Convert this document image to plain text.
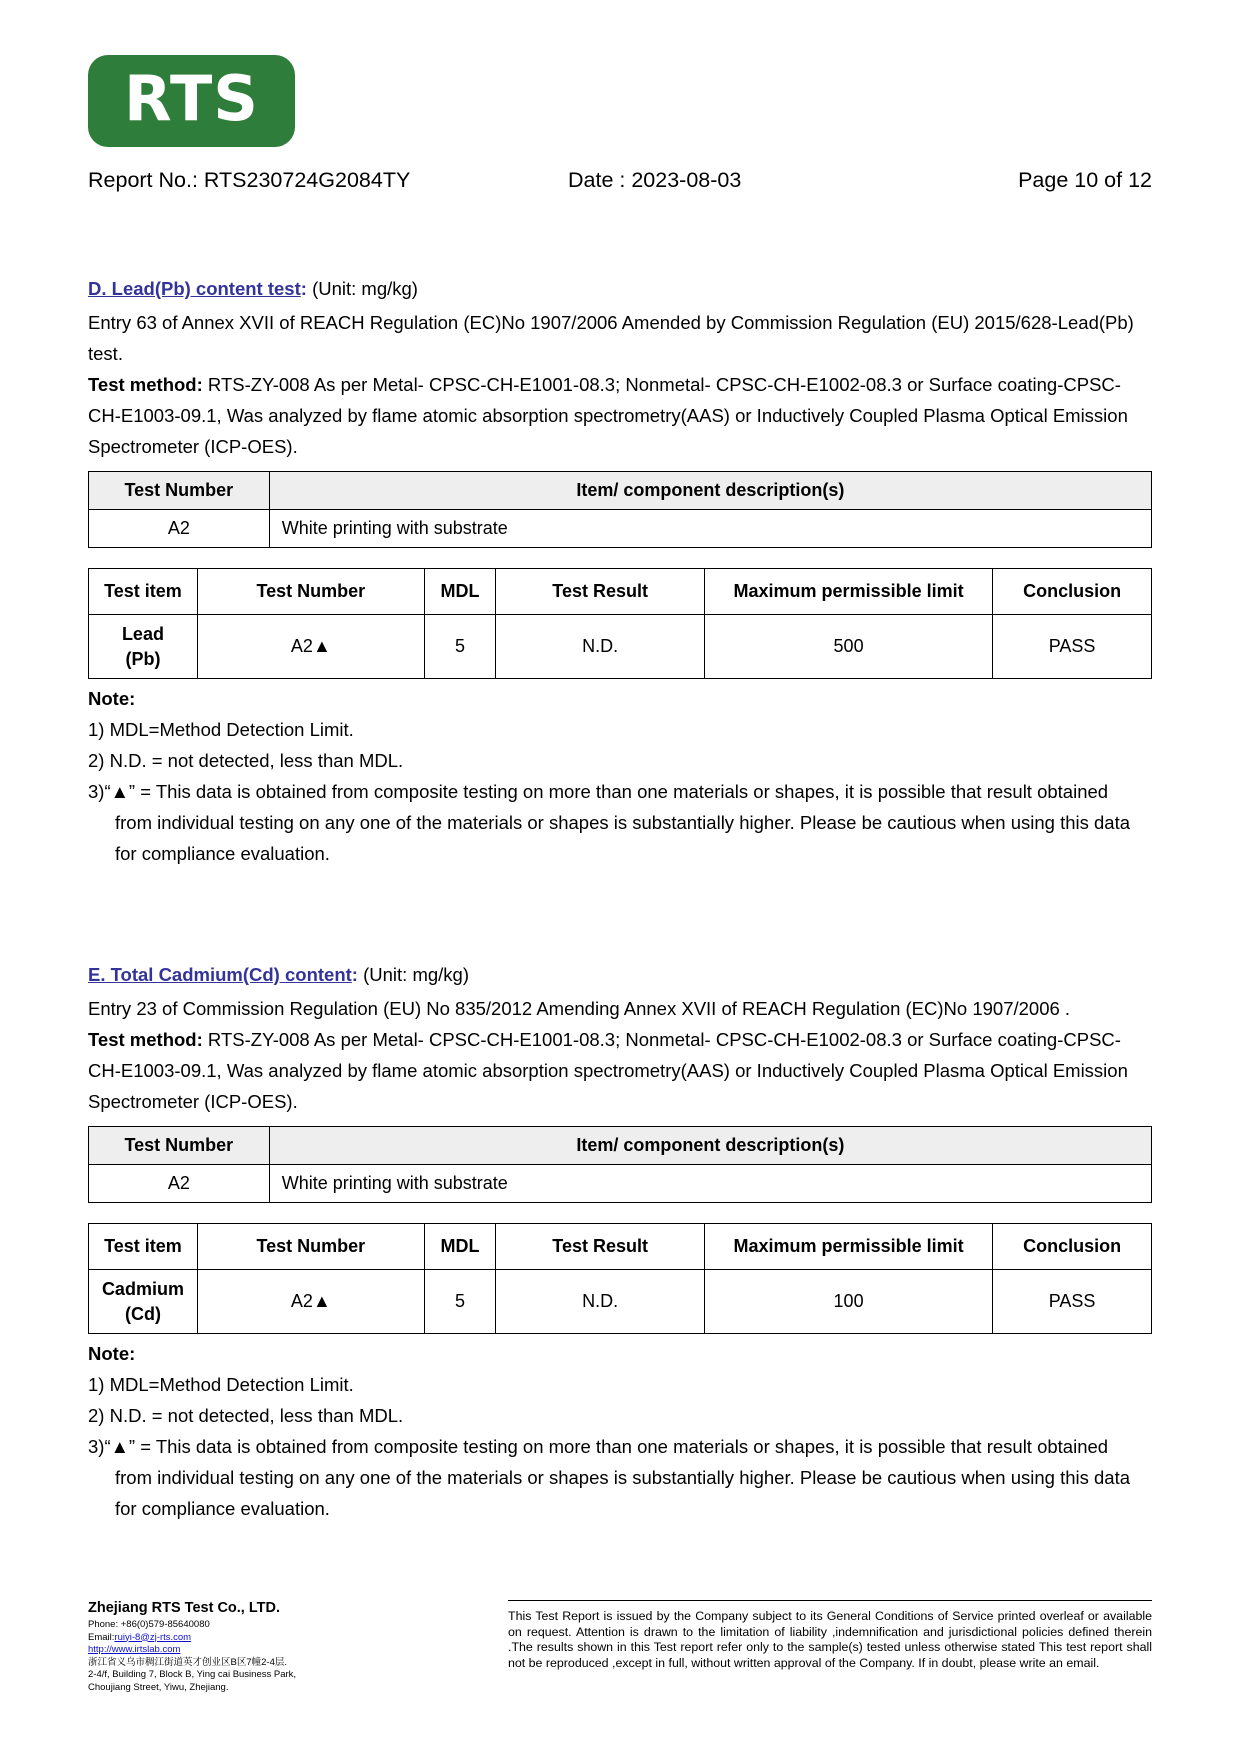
RTS
Report No.: RTS230724G2084TY	Date : 2023-08-03	Page 10 of 12
D. Lead(Pb) content test: (Unit: mg/kg)

Entry 63 of Annex XVII of REACH Regulation (EC)No 1907/2006 Amended by Commission Regulation (EU) 2015/628-Lead(Pb) test.

Test method: RTS-ZY-008 As per Metal- CPSC-CH-E1001-08.3; Nonmetal- CPSC-CH-E1002-08.3 or Surface coating-CPSC-CH-E1003-09.1, Was analyzed by flame atomic absorption spectrometry(AAS) or Inductively Coupled Plasma Optical Emission Spectrometer (ICP-OES).

Test Number	Item/ component description(s)
A2	White printing with substrate
Test item	Test Number	MDL	Test Result	Maximum permissible limit	Conclusion
Lead
(Pb)	A2▲	5	N.D.	500	PASS
Note:
1) MDL=Method Detection Limit.
2) N.D. = not detected, less than MDL.
3)“▲” = This data is obtained from composite testing on more than one materials or shapes, it is possible that result obtained
from individual testing on any one of the materials or shapes is substantially higher. Please be cautious when using this data
for compliance evaluation.
E. Total Cadmium(Cd) content: (Unit: mg/kg)

Entry 23 of Commission Regulation (EU) No 835/2012 Amending Annex XVII of REACH Regulation (EC)No 1907/2006 .

Test method: RTS-ZY-008 As per Metal- CPSC-CH-E1001-08.3; Nonmetal- CPSC-CH-E1002-08.3 or Surface coating-CPSC-CH-E1003-09.1, Was analyzed by flame atomic absorption spectrometry(AAS) or Inductively Coupled Plasma Optical Emission Spectrometer (ICP-OES).

Test Number	Item/ component description(s)
A2	White printing with substrate
Test item	Test Number	MDL	Test Result	Maximum permissible limit	Conclusion
Cadmium
(Cd)	A2▲	5	N.D.	100	PASS
Note:
1) MDL=Method Detection Limit.
2) N.D. = not detected, less than MDL.
3)“▲” = This data is obtained from composite testing on more than one materials or shapes, it is possible that result obtained
from individual testing on any one of the materials or shapes is substantially higher. Please be cautious when using this data
for compliance evaluation.
Zhejiang RTS Test Co., LTD.
Phone: +86(0)579-85640080
Email:ruiyi-8@zj-rts.com
http://www.irtslab.com
浙江省义乌市稠江街道英才创业区B区7幢2-4层.
2-4/f, Building 7, Block B, Ying cai Business Park,
Choujiang Street, Yiwu, Zhejiang.

This Test Report is issued by the Company subject to its General Conditions of Service printed overleaf or available on request. Attention is drawn to the limitation of liability ,indemnification and jurisdictional policies defined therein .The results shown in this Test report refer only to the sample(s) tested unless otherwise stated This test report shall not be reproduced ,except in full, without written approval of the Company. If in doubt, please write an email.
